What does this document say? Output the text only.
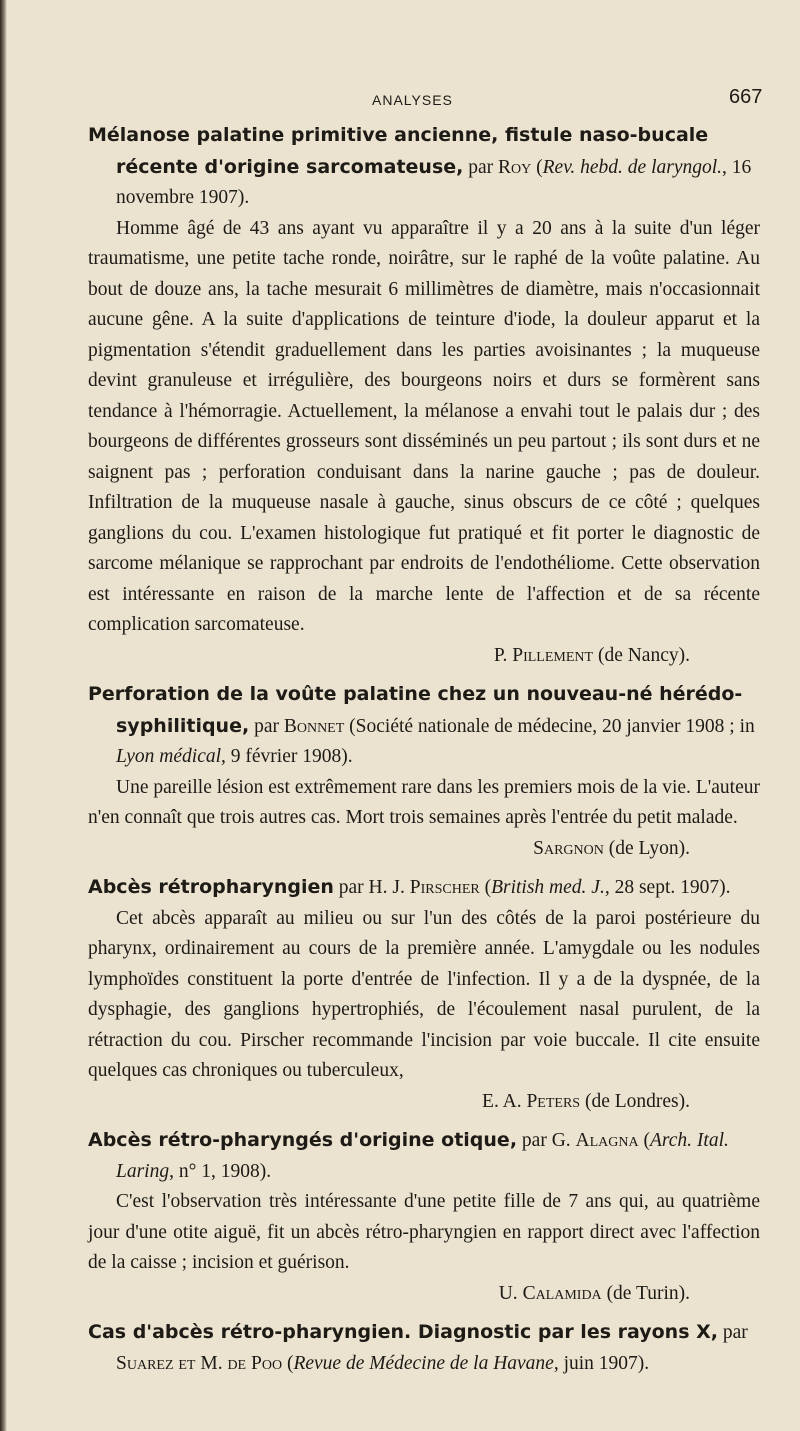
ANALYSES	667

Mélanose palatine primitive ancienne, fistule naso-bucale récente d'origine sarcomateuse, par Roy (Rev. hebd. de laryngol., 16 novembre 1907).

Homme âgé de 43 ans ayant vu apparaître il y a 20 ans à la suite d'un léger traumatisme, une petite tache ronde, noirâtre, sur le raphé de la voûte palatine. Au bout de douze ans, la tache mesurait 6 millimètres de diamètre, mais n'occasionnait aucune gêne. A la suite d'applications de teinture d'iode, la douleur apparut et la pigmentation s'étendit graduellement dans les parties avoisinantes ; la muqueuse devint granuleuse et irrégulière, des bourgeons noirs et durs se formèrent sans tendance à l'hémorragie. Actuellement, la mélanose a envahi tout le palais dur ; des bourgeons de différentes grosseurs sont disséminés un peu partout ; ils sont durs et ne saignent pas ; perforation conduisant dans la narine gauche ; pas de douleur. Infiltration de la muqueuse nasale à gauche, sinus obscurs de ce côté ; quelques ganglions du cou. L'examen histologique fut pratiqué et fit porter le diagnostic de sarcome mélanique se rapprochant par endroits de l'endothéliome. Cette observation est intéressante en raison de la marche lente de l'affection et de sa récente complication sarcomateuse.

P. Pillement (de Nancy).

Perforation de la voûte palatine chez un nouveau-né hérédo-syphilitique, par Bonnet (Société nationale de médecine, 20 janvier 1908 ; in Lyon médical, 9 février 1908).

Une pareille lésion est extrêmement rare dans les premiers mois de la vie. L'auteur n'en connaît que trois autres cas. Mort trois semaines après l'entrée du petit malade.

Sargnon (de Lyon).

Abcès rétropharyngien par H. J. Pirscher (British med. J., 28 sept. 1907).

Cet abcès apparaît au milieu ou sur l'un des côtés de la paroi postérieure du pharynx, ordinairement au cours de la première année. L'amygdale ou les nodules lymphoïdes constituent la porte d'entrée de l'infection. Il y a de la dyspnée, de la dysphagie, des ganglions hypertrophiés, de l'écoulement nasal purulent, de la rétraction du cou. Pirscher recommande l'incision par voie buccale. Il cite ensuite quelques cas chroniques ou tuberculeux,

E. A. Peters (de Londres).

Abcès rétro-pharyngés d'origine otique, par G. Alagna (Arch. Ital. Laring, n° 1, 1908).

C'est l'observation très intéressante d'une petite fille de 7 ans qui, au quatrième jour d'une otite aiguë, fit un abcès rétro-pharyngien en rapport direct avec l'affection de la caisse ; incision et guérison.

U. Calamida (de Turin).

Cas d'abcès rétro-pharyngien. Diagnostic par les rayons X, par Suarez et M. de Poo (Revue de Médecine de la Havane, juin 1907).
